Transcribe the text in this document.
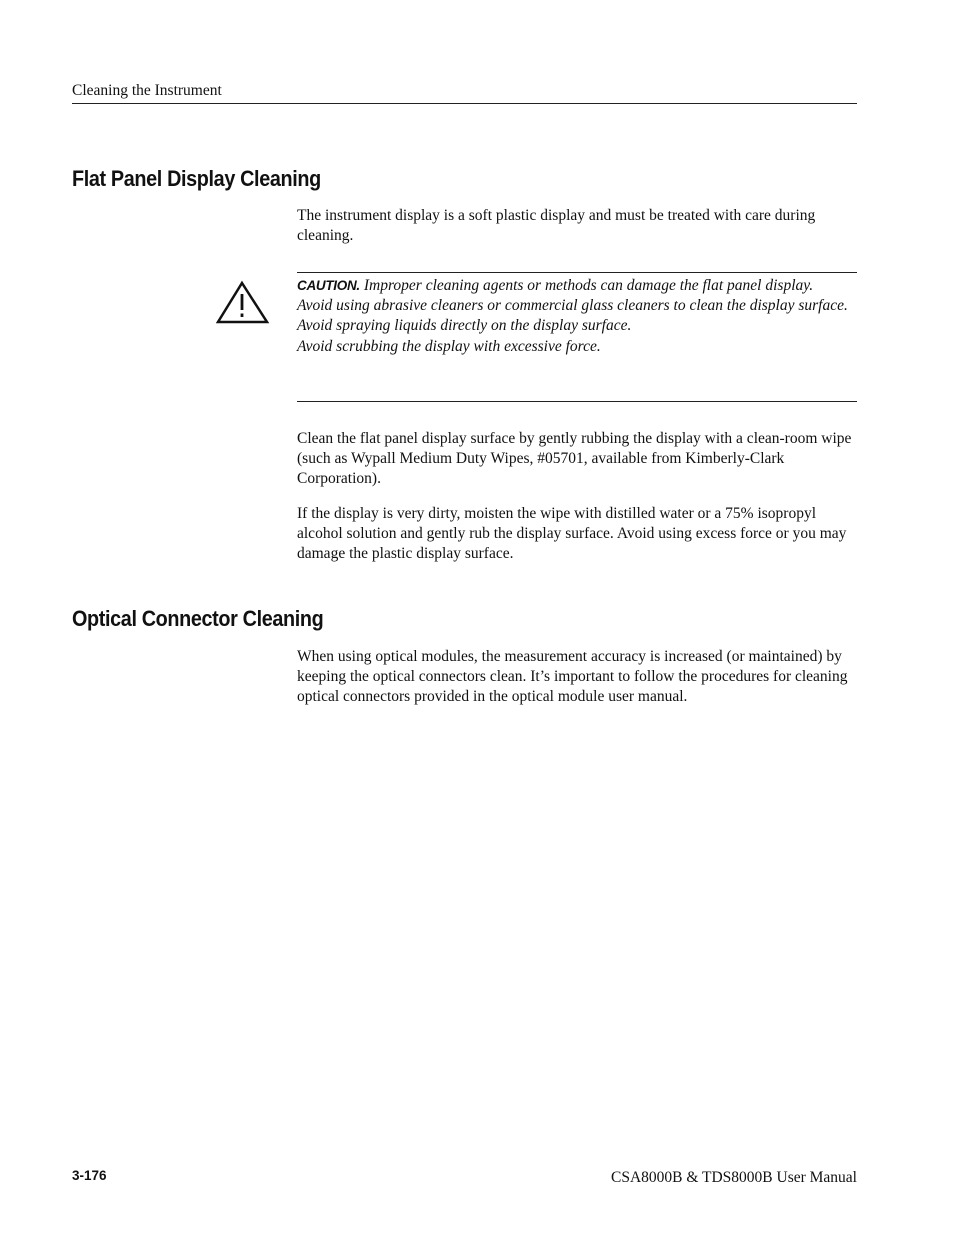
Cleaning the Instrument
Flat Panel Display Cleaning
The instrument display is a soft plastic display and must be treated with care during cleaning.
CAUTION. Improper cleaning agents or methods can damage the flat panel display.
Avoid using abrasive cleaners or commercial glass cleaners to clean the display surface.
Avoid spraying liquids directly on the display surface.
Avoid scrubbing the display with excessive force.
Clean the flat panel display surface by gently rubbing the display with a clean-room wipe (such as Wypall Medium Duty Wipes, #05701, available from Kimberly-Clark Corporation).
If the display is very dirty, moisten the wipe with distilled water or a 75% isopropyl alcohol solution and gently rub the display surface. Avoid using excess force or you may damage the plastic display surface.
Optical Connector Cleaning
When using optical modules, the measurement accuracy is increased (or maintained) by keeping the optical connectors clean. It’s important to follow the procedures for cleaning optical connectors provided in the optical module user manual.
3-176	CSA8000B & TDS8000B User Manual
